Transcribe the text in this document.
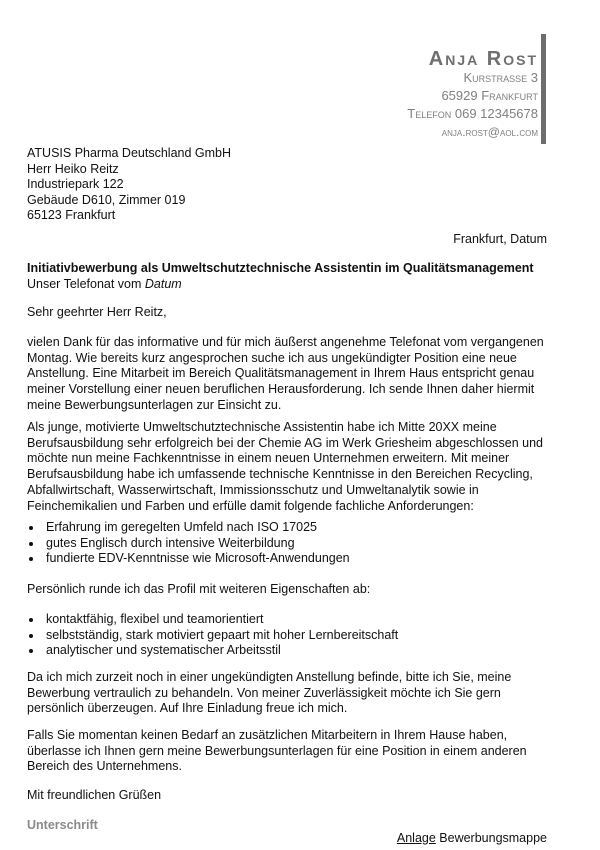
Anja Rost
Kurstraße 3
65929 Frankfurt
Telefon 069 12345678
anja.rost@aol.com
ATUSIS Pharma Deutschland GmbH
Herr Heiko Reitz
Industriepark 122
Gebäude D610, Zimmer 019
65123 Frankfurt
Frankfurt, Datum
Initiativbewerbung als Umweltschutztechnische Assistentin im Qualitätsmanagement
Unser Telefonat vom Datum
Sehr geehrter Herr Reitz,
vielen Dank für das informative und für mich äußerst angenehme Telefonat vom vergangenen Montag. Wie bereits kurz angesprochen suche ich aus ungekündigter Position eine neue Anstellung. Eine Mitarbeit im Bereich Qualitätsmanagement in Ihrem Haus entspricht genau meiner Vorstellung einer neuen beruflichen Herausforderung. Ich sende Ihnen daher hiermit meine Bewerbungsunterlagen zur Einsicht zu.
Als junge, motivierte Umweltschutztechnische Assistentin habe ich Mitte 20XX meine Berufsausbildung sehr erfolgreich bei der Chemie AG im Werk Griesheim abgeschlossen und möchte nun meine Fachkenntnisse in einem neuen Unternehmen erweitern. Mit meiner Berufsausbildung habe ich umfassende technische Kenntnisse in den Bereichen Recycling, Abfallwirtschaft, Wasserwirtschaft, Immissionsschutz und Umweltanalytik sowie in Feinchemikalien und Farben und erfülle damit folgende fachliche Anforderungen:
Erfahrung im geregelten Umfeld nach ISO 17025
gutes Englisch durch intensive Weiterbildung
fundierte EDV-Kenntnisse wie Microsoft-Anwendungen
Persönlich runde ich das Profil mit weiteren Eigenschaften ab:
kontaktfähig, flexibel und teamorientiert
selbstständig, stark motiviert gepaart mit hoher Lernbereitschaft
analytischer und systematischer Arbeitsstil
Da ich mich zurzeit noch in einer ungekündigten Anstellung befinde, bitte ich Sie, meine Bewerbung vertraulich zu behandeln. Von meiner Zuverlässigkeit möchte ich Sie gern persönlich überzeugen. Auf Ihre Einladung freue ich mich.
Falls Sie momentan keinen Bedarf an zusätzlichen Mitarbeitern in Ihrem Hause haben, überlasse ich Ihnen gern meine Bewerbungsunterlagen für eine Position in einem anderen Bereich des Unternehmens.
Mit freundlichen Grüßen
Unterschrift
Anlage Bewerbungsmappe
